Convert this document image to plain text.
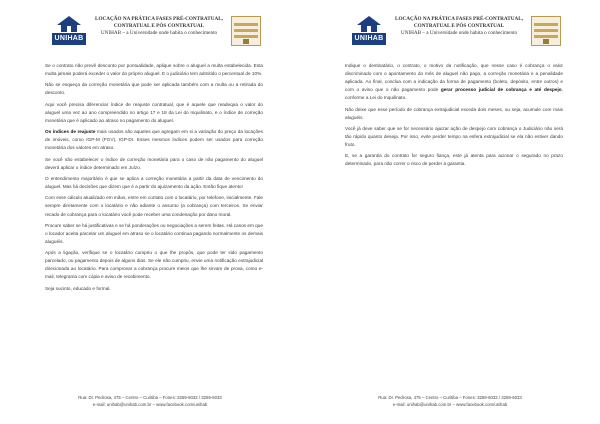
UNIHAB
LOCAÇÃO NA PRÁTICA FASES PRÉ-CONTRATUAL,
CONTRATUAL E PÓS CONTRATUAL
UNIHAB – a Universidade onde habita o conhecimento

Se o contrato não prevê desconto por pontualidade, aplique sobre o aluguel a multa estabelecida. Esta multa jamais poderá exceder o valor do próprio aluguel. E o judiciário tem admitido o percentual de 10%.

Não se esqueça da correção monetária que pode ser aplicada também com a multa ou a retirada do desconto.

Aqui você precisa diferenciar índice de reajuste contratual, que é aquele que readequa o valor do aluguel uma vez ao ano compreendido no artigo 17 e 18 da Lei do Inquilinato, e o índice de correção monetária que é aplicado ao atraso no pagamento do aluguel.

Os índices de reajuste mais usados são aqueles que agregam em si a variação do preço da locações de imóveis, como IGP-M (FGV), IGP-DI. Esses mesmos índices podem ser usados para correção monetária dos valores em atraso.

Se você não estabelecer o índice de correção monetária para o caso de não pagamento do aluguel deverá aplicar o índice determinado em Juízo.

O entendimento majoritário é que se aplica a correção monetária a partir da data de vencimento do aluguel. Mas há decisões que dizem que é a partir do ajuizamento da ação. Então fique atento!

Com esse cálculo atualizado em mãos, entre em contato com o locatário, por telefone, inicialmente. Fale sempre diretamente com o locatário e não adiante o assunto (a cobrança) com terceiros. Se enviar recado de cobrança para o locatário você pode receber uma condenação por dano moral.

Procure saber se há justificativas e se há ponderações ou negociações a serem feitas. Há casos em que o locador aceita parcelar um aluguel em atraso se o locatário continua pagando normalmente os demais aluguéis.

Após a ligação, verifique se o locatário cumpriu o que lhe propôs, que pode ter sido pagamento parcelado, ou pagamento depois de alguns dias. Se ele não cumpriu, envie uma notificação extrajudicial direcionada ao locatário. Para comprovar a cobrança procure meios que lhe sirvam de prova, como e-mail, telegrama com cópia e aviso de recebimento.

Seja sucinto, educado e formal.

Rua: Dr. Pedrosa, 475 – Centro – Curitiba – Fones: 3259-6032 / 3259-6033
e-mail: unihab@unihab.com.br – www.facebook.com/unihab
UNIHAB
LOCAÇÃO NA PRÁTICA FASES PRÉ-CONTRATUAL,
CONTRATUAL E PÓS CONTRATUAL
UNIHAB – a Universidade onde habita o conhecimento

Indique o destinatário, o contrato, o motivo da notificação, que nesse caso é cobrança o valor discriminado com o apontamento do mês de aluguel não pago, a correção monetária e a penalidade aplicada. Ao final, conclua com a indicação da forma de pagamento (boleto, depósito, entre outros) e com o aviso que o não pagamento pode gerar processo judicial de cobrança e até despejo, conforme a Lei do Inquilinato.

Não deixe que esse período de cobrança extrajudicial exceda dois meses, ou seja, acumule com mais aluguéis.

Você já deve saber que se for necessário ajuizar ação de despejo com cobrança o Judiciário não será tão rápido quanto deseja. Por isso, evite perder tempo na esfera extrajudicial se ela não estiver dando fruto.

E, se a garantia do contrato for seguro fiança, este já atenta para acionar o segurado no prazo determinado, para não correr o risco de perder a garantia.

Rua: Dr. Pedrosa, 475 – Centro – Curitiba – Fones: 3259-6032 / 3259-6033
e-mail: unihab@unihab.com.br – www.facebook.com/unihab
